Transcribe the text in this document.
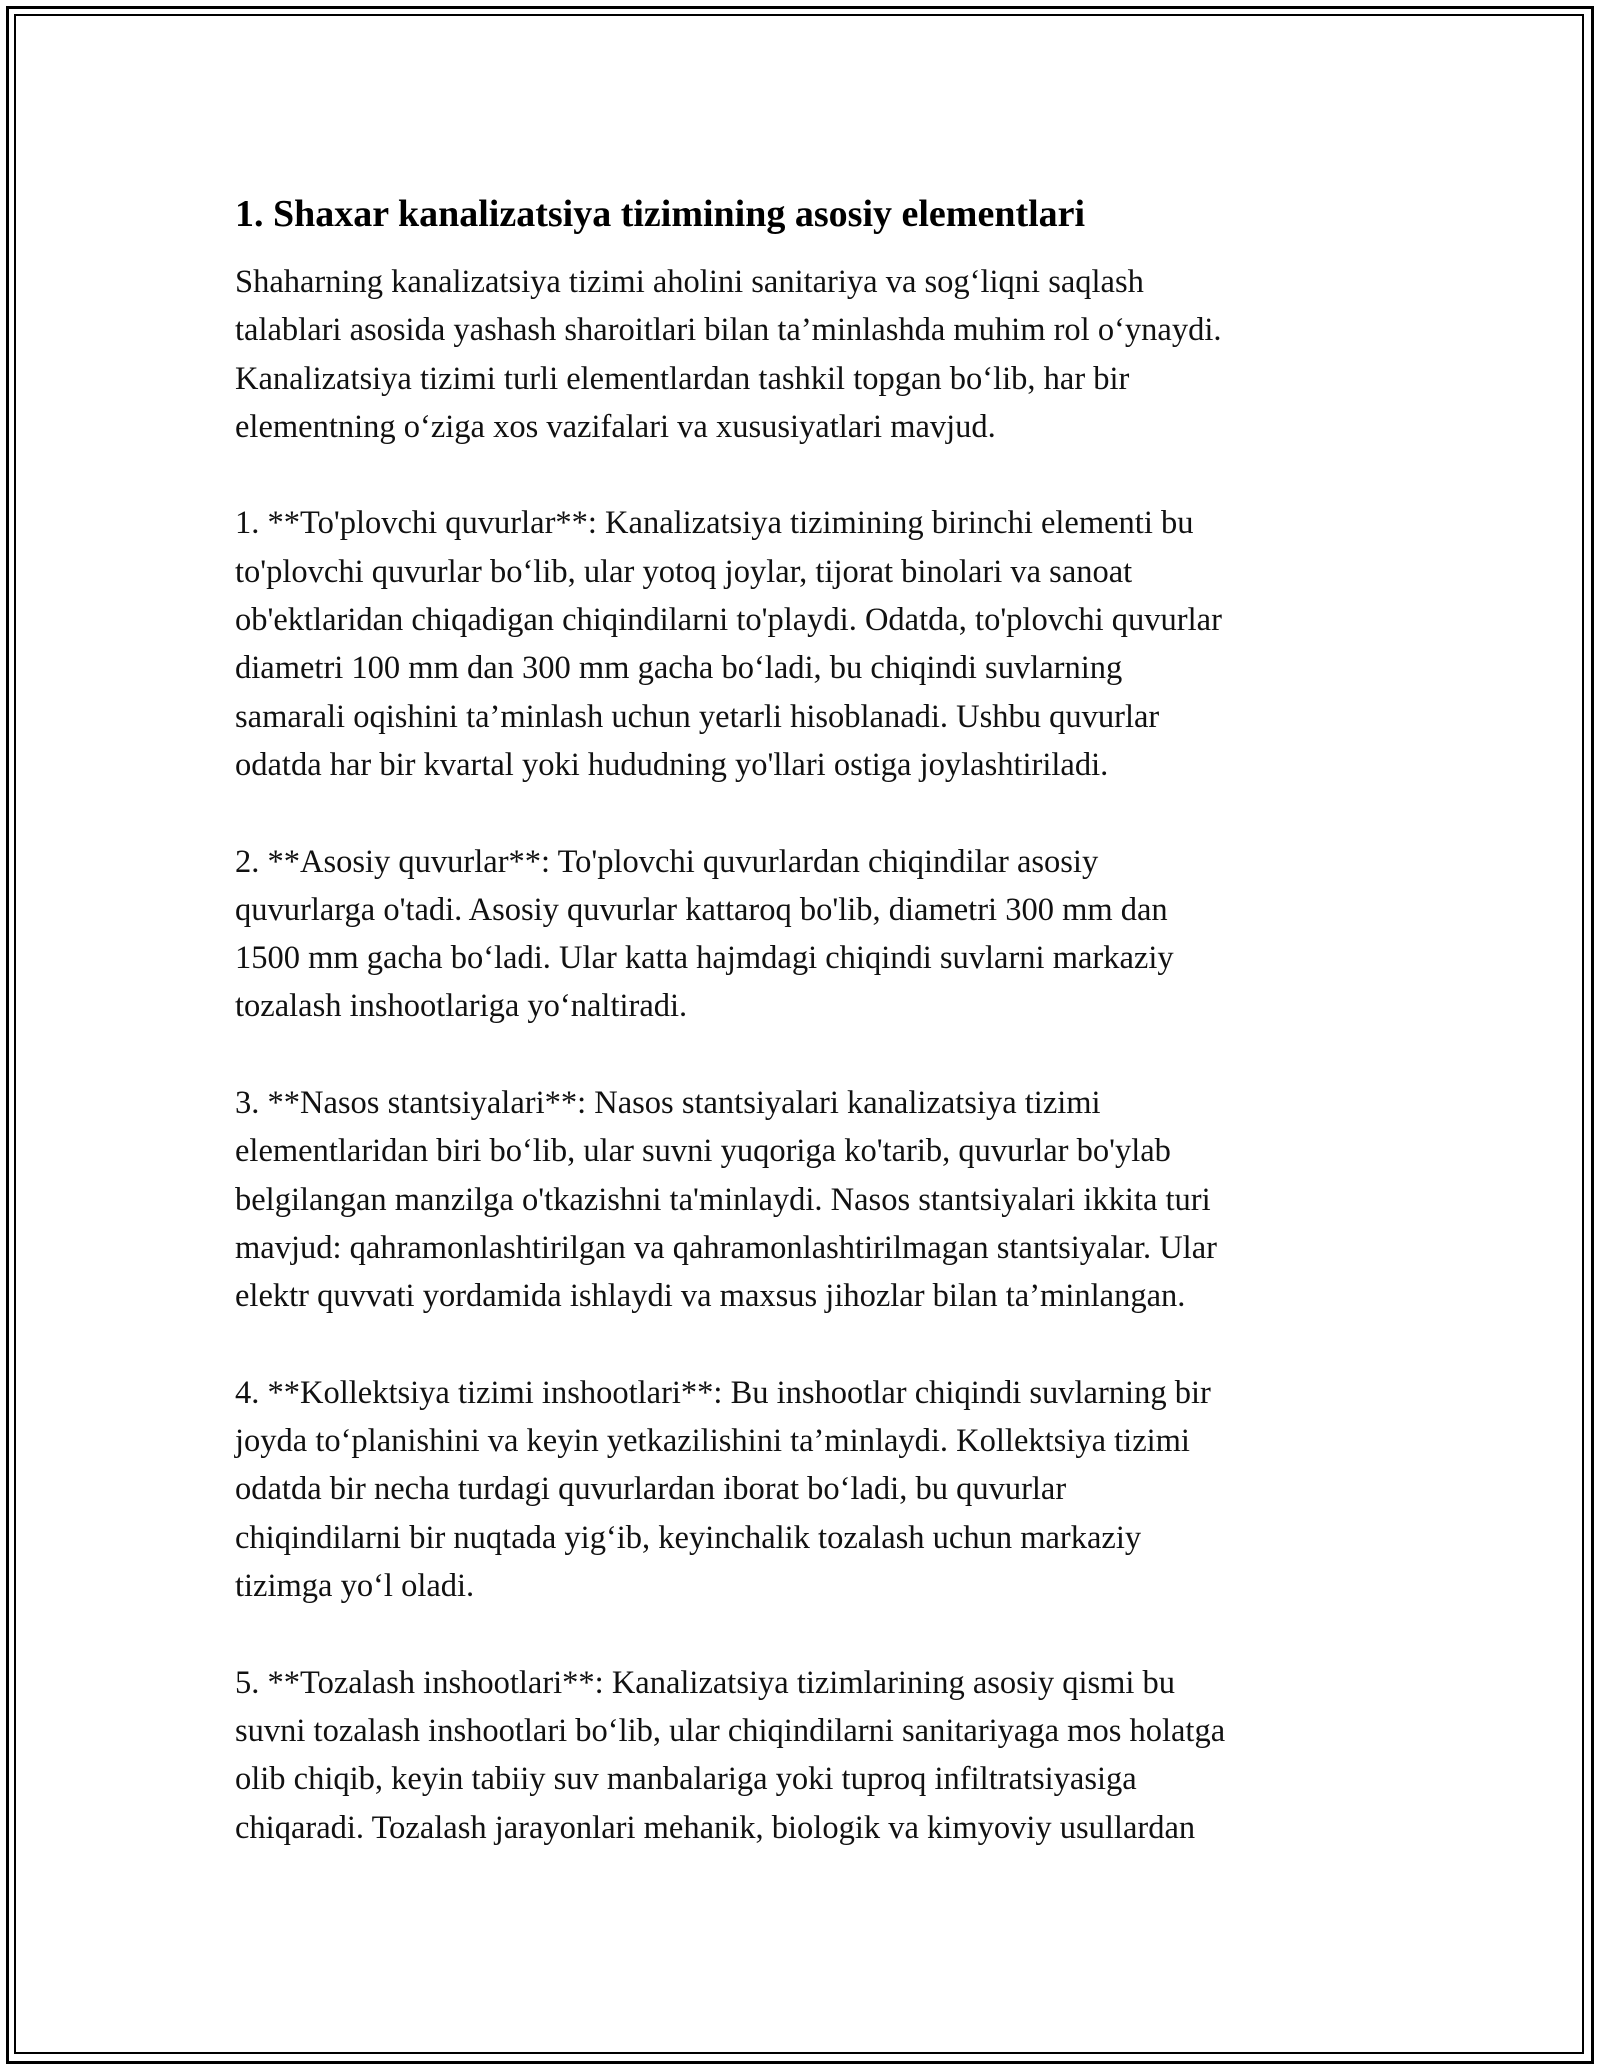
1. Shaxar kanalizatsiya tizimining asosiy elementlari

Shaharning kanalizatsiya tizimi aholini sanitariya va sog‘liqni saqlash
talablari asosida yashash sharoitlari bilan ta’minlashda muhim rol o‘ynaydi.
Kanalizatsiya tizimi turli elementlardan tashkil topgan bo‘lib, har bir
elementning o‘ziga xos vazifalari va xususiyatlari mavjud.

1. **To'plovchi quvurlar**: Kanalizatsiya tizimining birinchi elementi bu
to'plovchi quvurlar bo‘lib, ular yotoq joylar, tijorat binolari va sanoat
ob'ektlaridan chiqadigan chiqindilarni to'playdi. Odatda, to'plovchi quvurlar
diametri 100 mm dan 300 mm gacha bo‘ladi, bu chiqindi suvlarning
samarali oqishini ta’minlash uchun yetarli hisoblanadi. Ushbu quvurlar
odatda har bir kvartal yoki hududning yo'llari ostiga joylashtiriladi.

2. **Asosiy quvurlar**: To'plovchi quvurlardan chiqindilar asosiy
quvurlarga o'tadi. Asosiy quvurlar kattaroq bo'lib, diametri 300 mm dan
1500 mm gacha bo‘ladi. Ular katta hajmdagi chiqindi suvlarni markaziy
tozalash inshootlariga yo‘naltiradi.

3. **Nasos stantsiyalari**: Nasos stantsiyalari kanalizatsiya tizimi
elementlaridan biri bo‘lib, ular suvni yuqoriga ko'tarib, quvurlar bo'ylab
belgilangan manzilga o'tkazishni ta'minlaydi. Nasos stantsiyalari ikkita turi
mavjud: qahramonlashtirilgan va qahramonlashtirilmagan stantsiyalar. Ular
elektr quvvati yordamida ishlaydi va maxsus jihozlar bilan ta’minlangan.

4. **Kollektsiya tizimi inshootlari**: Bu inshootlar chiqindi suvlarning bir
joyda to‘planishini va keyin yetkazilishini ta’minlaydi. Kollektsiya tizimi
odatda bir necha turdagi quvurlardan iborat bo‘ladi, bu quvurlar
chiqindilarni bir nuqtada yig‘ib, keyinchalik tozalash uchun markaziy
tizimga yo‘l oladi.

5. **Tozalash inshootlari**: Kanalizatsiya tizimlarining asosiy qismi bu
suvni tozalash inshootlari bo‘lib, ular chiqindilarni sanitariyaga mos holatga
olib chiqib, keyin tabiiy suv manbalariga yoki tuproq infiltratsiyasiga
chiqaradi. Tozalash jarayonlari mehanik, biologik va kimyoviy usullardan
